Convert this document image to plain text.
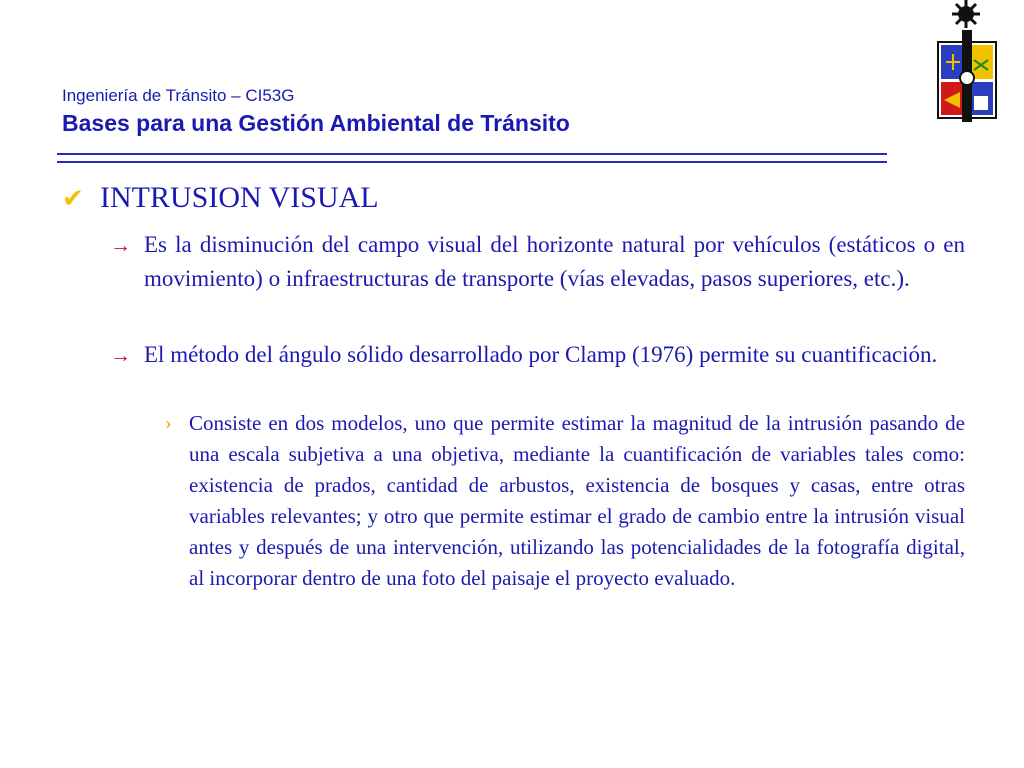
Ingeniería de Tránsito – CI53G
Bases para una Gestión Ambiental de Tránsito
✔ INTRUSION VISUAL
→ Es la disminución del campo visual del horizonte natural por vehículos (estáticos o en movimiento) o infraestructuras de transporte (vías elevadas, pasos superiores, etc.).
→ El método del ángulo sólido desarrollado por Clamp (1976) permite su cuantificación.
› Consiste en dos modelos, uno que permite estimar la magnitud de la intrusión pasando de una escala subjetiva a una objetiva, mediante la cuantificación de variables tales como: existencia de prados, cantidad de arbustos, existencia de bosques y casas, entre otras variables relevantes; y otro que permite estimar el grado de cambio entre la intrusión visual antes y después de una intervención, utilizando las potencialidades de la fotografía digital, al incorporar dentro de una foto del paisaje el proyecto evaluado.
